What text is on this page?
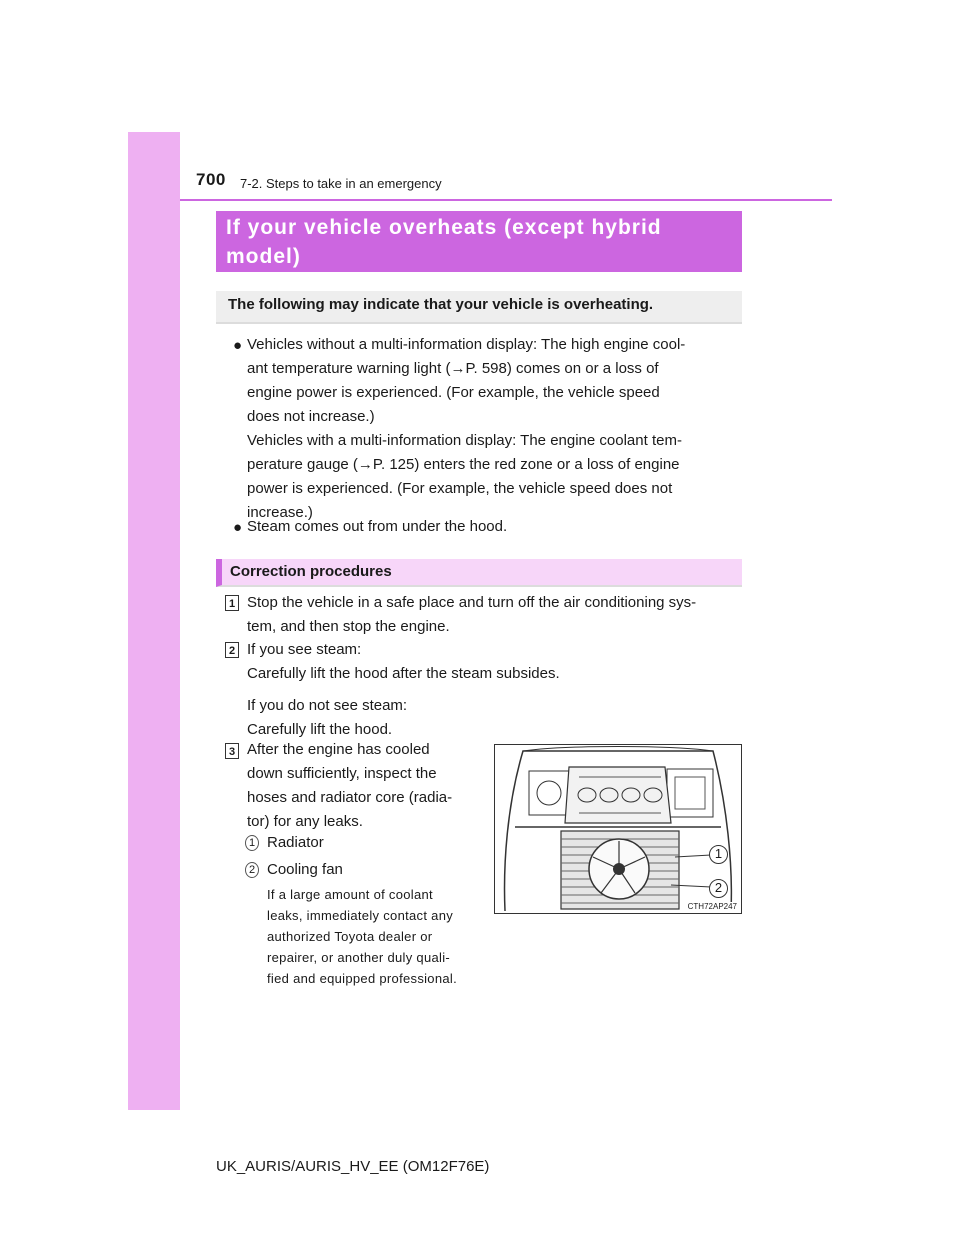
700 7-2. Steps to take in an emergency
If your vehicle overheats (except hybrid
model)
The following may indicate that your vehicle is overheating.
● Vehicles without a multi-information display: The high engine cool-
ant temperature warning light (→P. 598) comes on or a loss of
engine power is experienced. (For example, the vehicle speed
does not increase.)
Vehicles with a multi-information display: The engine coolant tem-
perature gauge (→P. 125) enters the red zone or a loss of engine
power is experienced. (For example, the vehicle speed does not
increase.)
● Steam comes out from under the hood.
Correction procedures
1 Stop the vehicle in a safe place and turn off the air conditioning sys-
tem, and then stop the engine.
2 If you see steam:
Carefully lift the hood after the steam subsides.
If you do not see steam:
Carefully lift the hood.
3 After the engine has cooled
down sufficiently, inspect the
hoses and radiator core (radia-
tor) for any leaks.
1 Radiator
2 Cooling fan
If a large amount of coolant
leaks, immediately contact any
authorized Toyota dealer or
repairer, or another duly quali-
fied and equipped professional.
1
2
CTH72AP247
UK_AURIS/AURIS_HV_EE (OM12F76E)
